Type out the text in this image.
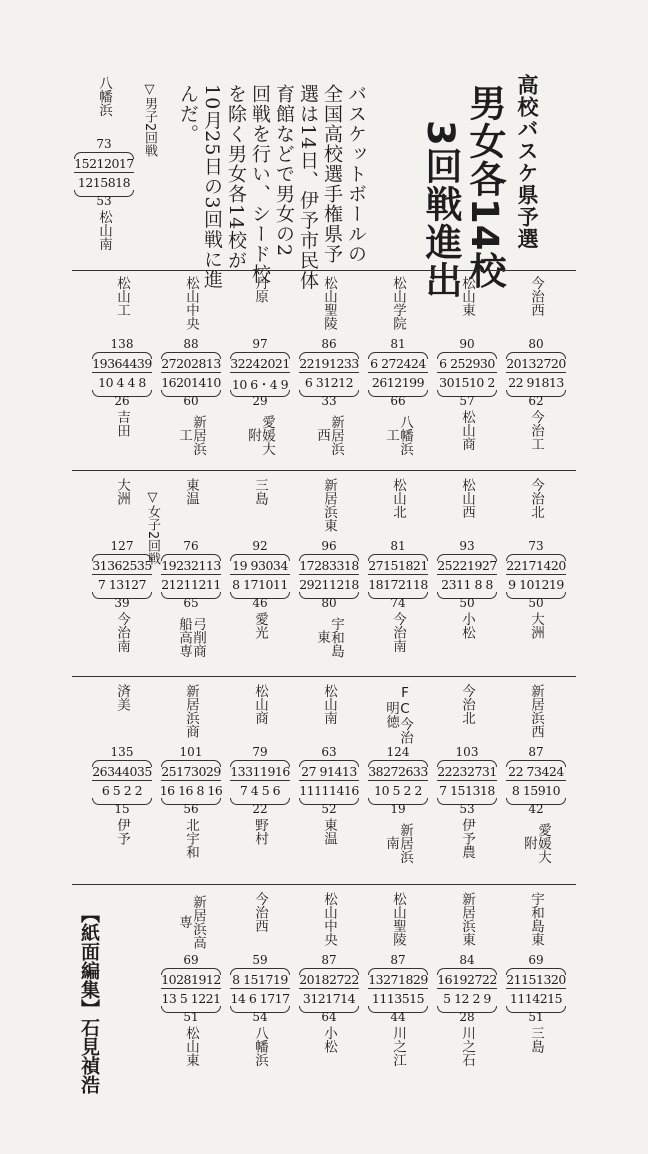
高校バスケ県予選
男女各14校
3回戦進出
バスケットボールの
全国高校選手権県予
選は14日、伊予市民体
育館などで男女の2
回戦を行い、シード校
を除く男女各14校が
10月25日の3回戦に進
んだ。
▽男子2回戦
▽女子2回戦
八幡浜
73
15212017
1215818
53
松山南
【紙面編集】石見禎浩
今治西
80
20132720
22 91813
62
今治工
松山東
90
6 252930
301510 2
57
松山商
松山学院
81
6 272424
2612199
66
八幡浜工
松山聖陵
86
22191233
6 31212
33
新居浜西
丹原
97
32242021
10 6・4 9
29
愛媛大附
松山中央
88
27202813
16201410
60
新居浜工
松山工
138
19364439
10 4 4 8
26
吉田
今治北
73
22171420
9 101219
50
大洲
松山西
93
25221927
2311 8 8
50
小松
松山北
81
27151821
18172118
74
今治南
新居浜東
96
17283318
29211218
80
宇和島東
三島
92
19 93034
8 171011
46
愛光
東温
76
19232113
21211211
65
弓削商船高専
大洲
127
31362535
7 13127
39
今治南
新居浜西
87
22 73424
8 15910
42
愛媛大附
今治北
103
22232731
7 151318
53
伊予農
FC今治明徳
124
38272633
10 5 2 2
19
新居浜南
松山南
63
27 91413
11111416
52
東温
松山商
79
13311916
7 4 5 6
22
野村
新居浜商
101
25173029
16 16 8 16
56
北宇和
済美
135
26344035
6 5 2 2
15
伊予
宇和島東
69
21151320
1114215
51
三島
新居浜東
84
16192722
5 12 2 9
28
川之石
松山聖陵
87
13271829
1113515
44
川之江
松山中央
87
20182722
3121714
64
小松
今治西
59
8 151719
14 6 1717
54
八幡浜
新居浜高専
69
10281912
13 5 1221
51
松山東
